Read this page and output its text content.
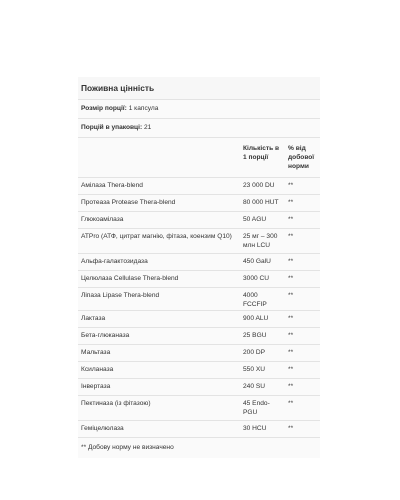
Поживна цінність
Розмір порції: 1 капсула
Порцій в упаковці: 21
	Кількість в 1 порції	% від добової норми
Амілаза Thera-blend	23 000 DU	**
Протеаза Protease Thera-blend	80 000 HUT	**
Глюкоамілаза	50 AGU	**
ATPro (АТФ, цитрат магнію, фітаза, коензим Q10)	25 мг – 300 млн LCU	**
Альфа-галактозидаза	450 GalU	**
Целюлаза Cellulase Thera-blend	3000 CU	**
Ліпаза Lipase Thera-blend	4000 FCCFIP	**
Лактаза	900 ALU	**
Бета-глюканаза	25 BGU	**
Мальтаза	200 DP	**
Ксиланаза	550 XU	**
Інвертаза	240 SU	**
Пектиназа (із фітазою)	45 Endo-PGU	**
Геміцелюлаза	30 HCU	**
** Добову норму не визначено
